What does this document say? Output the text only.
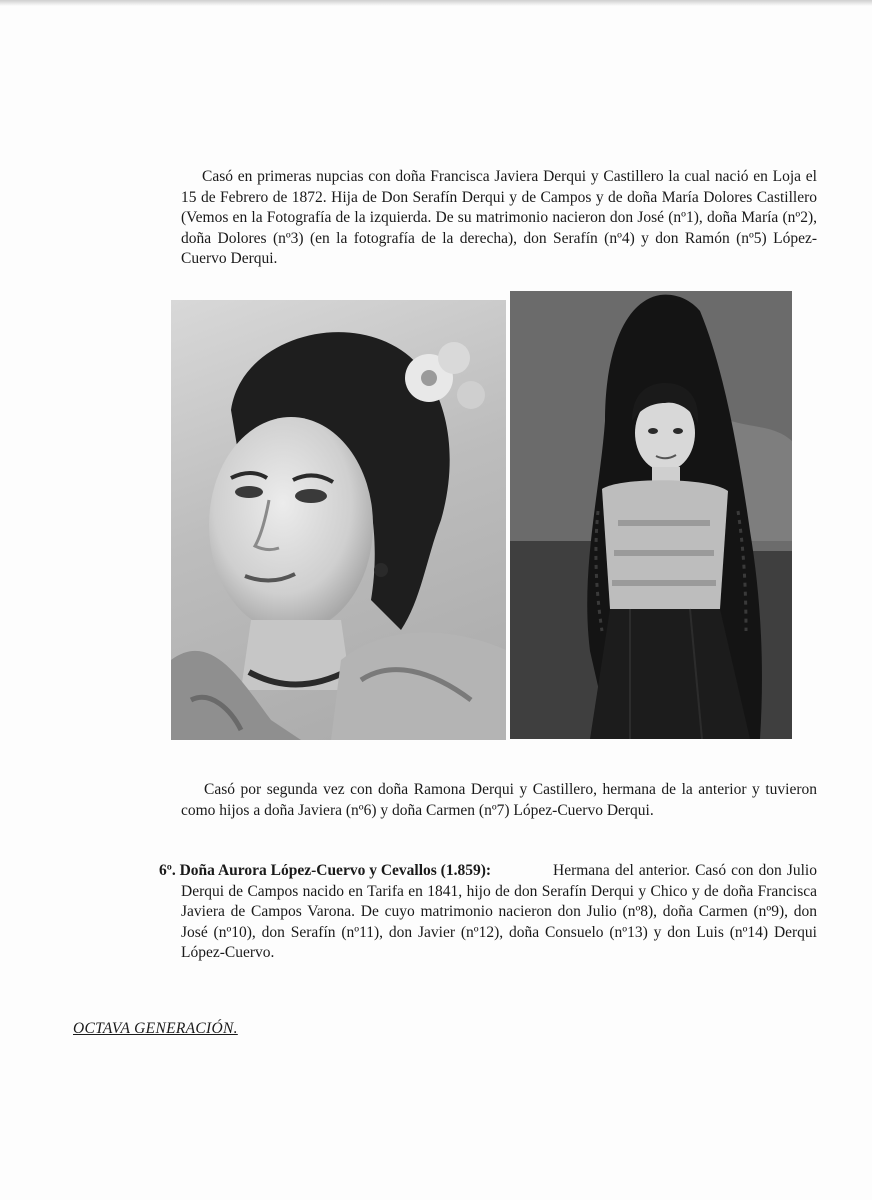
Casó en primeras nupcias con doña Francisca Javiera Derqui y Castillero la cual nació en Loja el 15 de Febrero de 1872. Hija de Don Serafín Derqui y de Campos y de doña María Dolores Castillero (Vemos en la Fotografía de la izquierda. De su matrimonio nacieron don José (nº1), doña María (nº2), doña Dolores (nº3) (en la fotografía de la derecha), don Serafín (nº4) y don Ramón (nº5) López-Cuervo Derqui.

Casó por segunda vez con doña Ramona Derqui y Castillero, hermana de la anterior y tuvieron como hijos a doña Javiera (nº6) y doña Carmen (nº7) López-Cuervo Derqui.

6º. Doña Aurora López-Cuervo y Cevallos (1.859):	Hermana del anterior. Casó con don Julio Derqui de Campos nacido en Tarifa en 1841, hijo de don Serafín Derqui y Chico y de doña Francisca Javiera de Campos Varona. De cuyo matrimonio nacieron don Julio (nº8), doña Carmen (nº9), don José (nº10), don Serafín (nº11), don Javier (nº12), doña Consuelo (nº13) y don Luis (nº14) Derqui López-Cuervo.

OCTAVA GENERACIÓN.
